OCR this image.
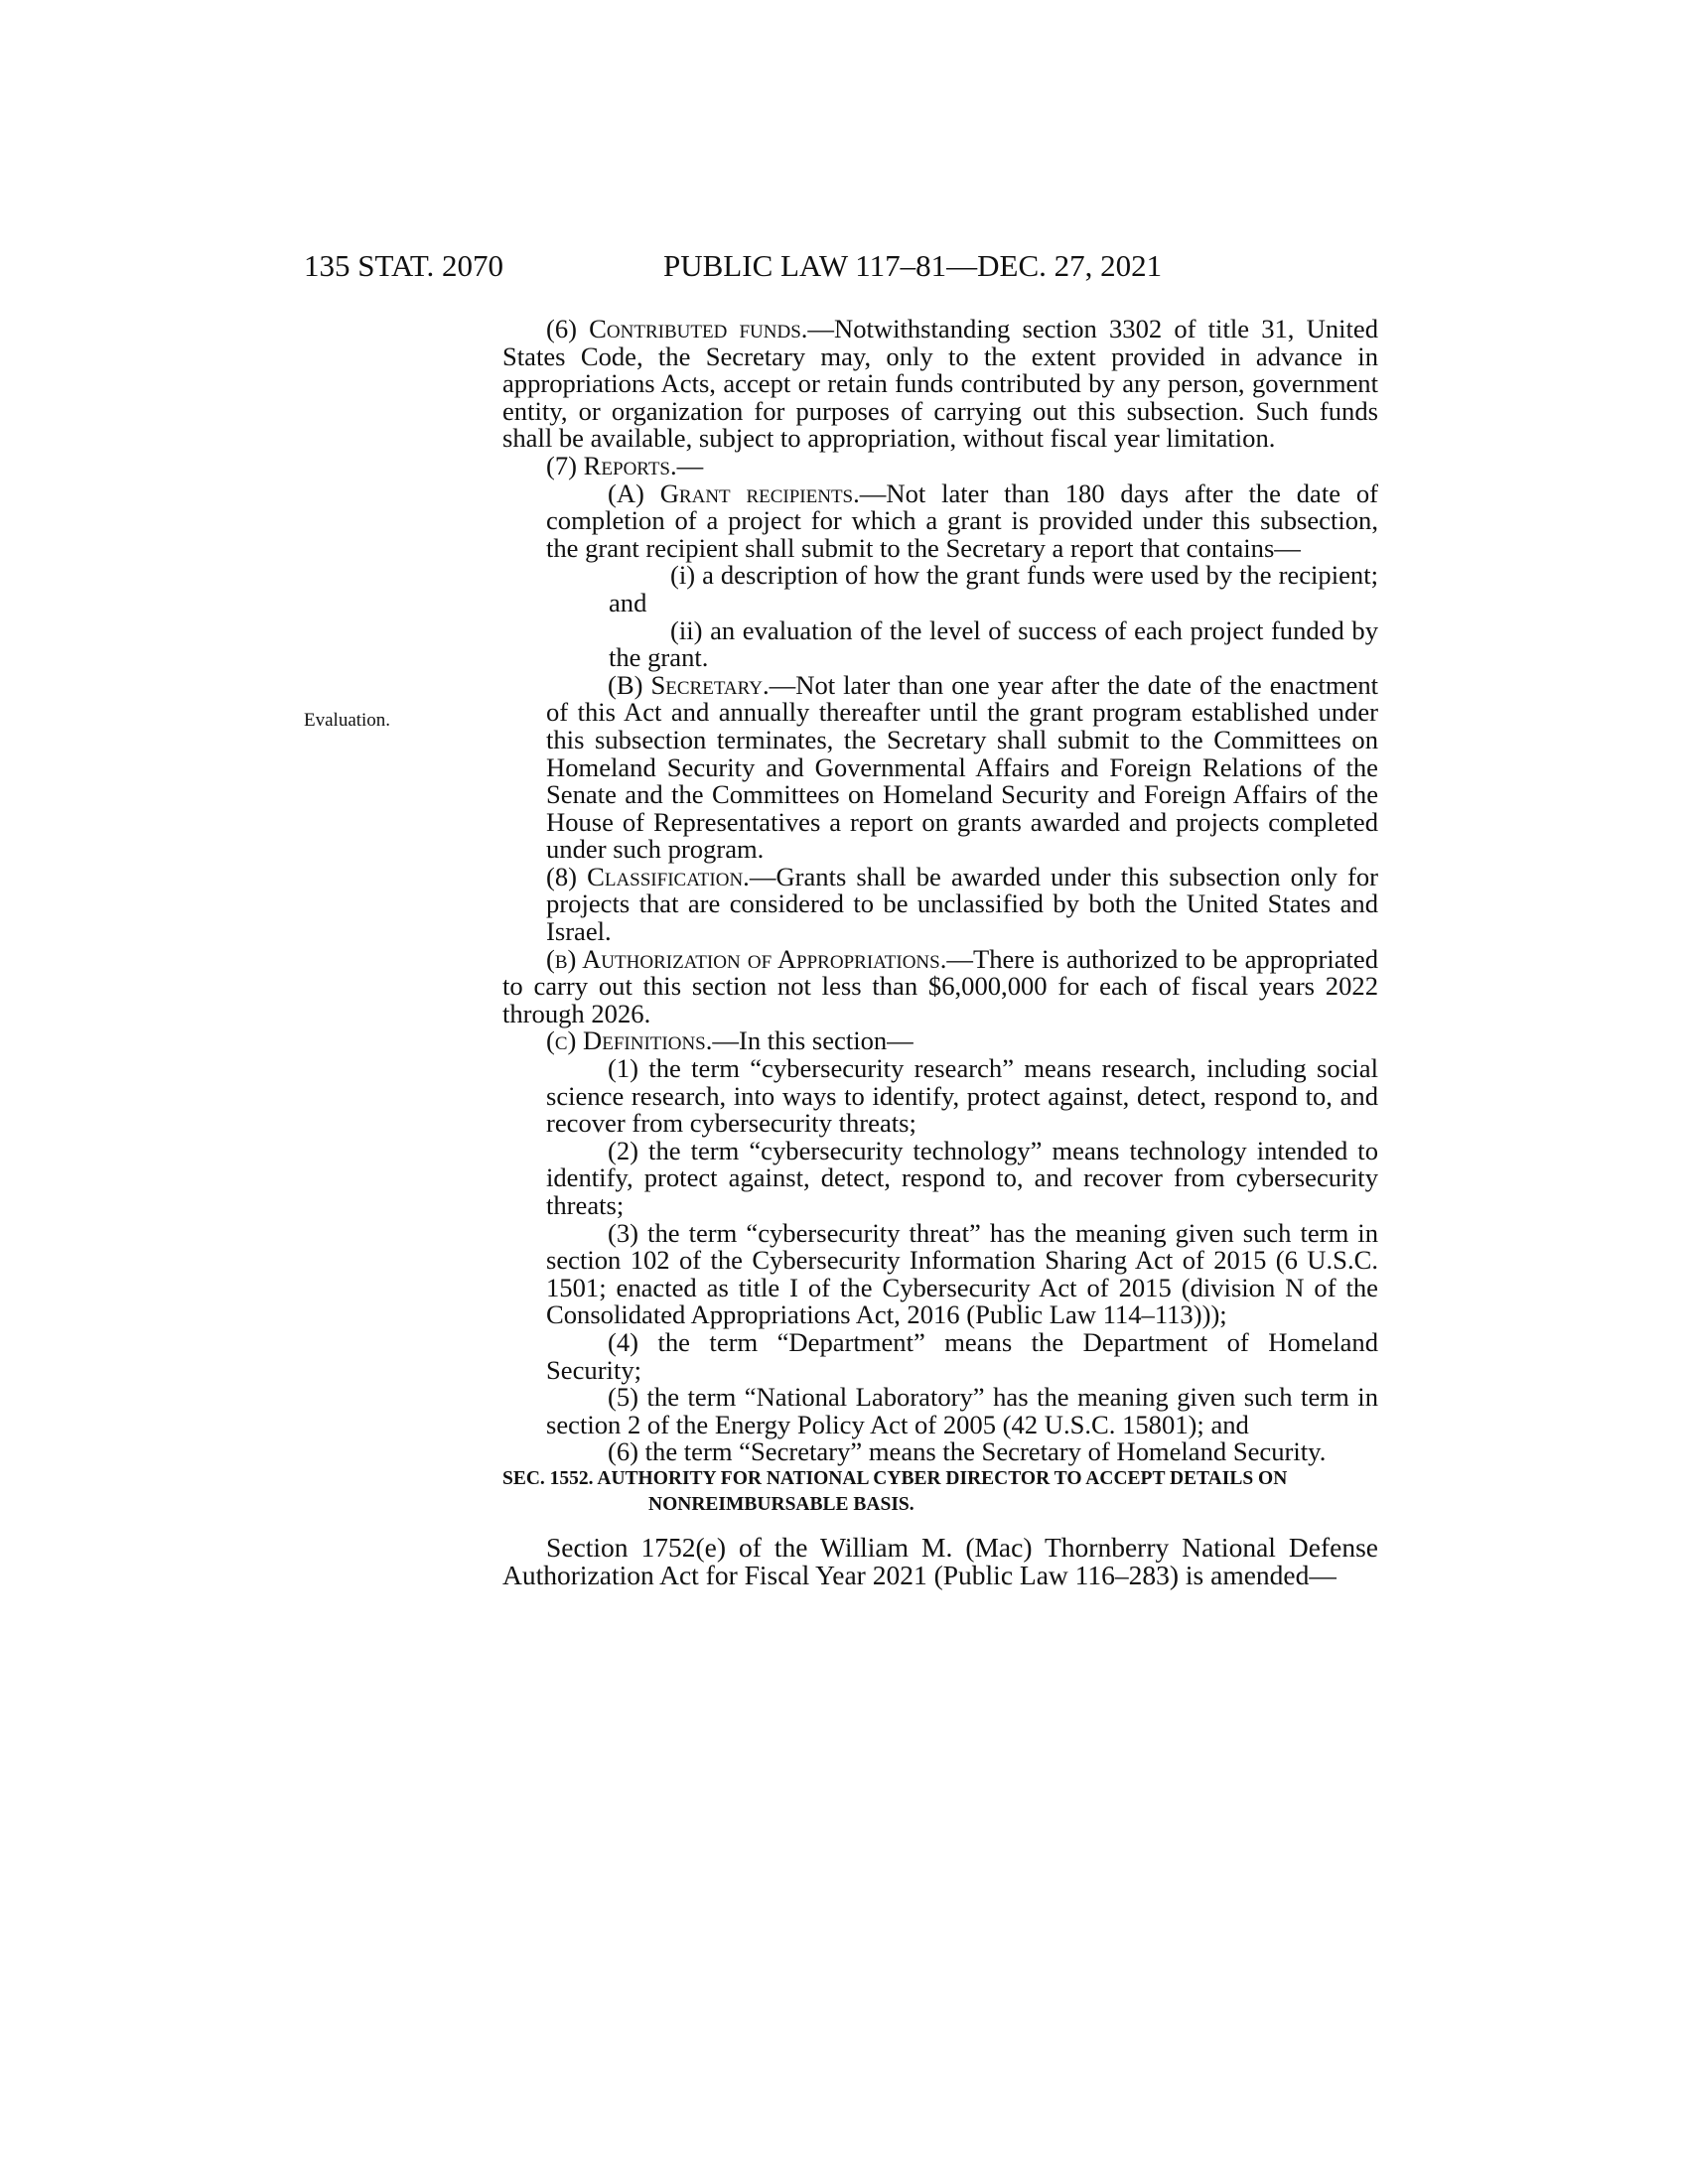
135 STAT. 2070	PUBLIC LAW 117–81—DEC. 27, 2021
Evaluation.

(6) Contributed funds.—Notwithstanding section 3302 of title 31, United States Code, the Secretary may, only to the extent provided in advance in appropriations Acts, accept or retain funds contributed by any person, government entity, or organization for purposes of carrying out this subsection. Such funds shall be available, subject to appropriation, without fiscal year limitation.

(7) Reports.—

(A) Grant recipients.—Not later than 180 days after the date of completion of a project for which a grant is provided under this subsection, the grant recipient shall submit to the Secretary a report that contains—

(i) a description of how the grant funds were used by the recipient; and

(ii) an evaluation of the level of success of each project funded by the grant.

(B) Secretary.—Not later than one year after the date of the enactment of this Act and annually thereafter until the grant program established under this subsection terminates, the Secretary shall submit to the Committees on Homeland Security and Governmental Affairs and Foreign Relations of the Senate and the Committees on Homeland Security and Foreign Affairs of the House of Representatives a report on grants awarded and projects completed under such program.

(8) Classification.—Grants shall be awarded under this subsection only for projects that are considered to be unclassified by both the United States and Israel.

(b) Authorization of Appropriations.—There is authorized to be appropriated to carry out this section not less than $6,000,000 for each of fiscal years 2022 through 2026.

(c) Definitions.—In this section—

(1) the term “cybersecurity research” means research, including social science research, into ways to identify, protect against, detect, respond to, and recover from cybersecurity threats;

(2) the term “cybersecurity technology” means technology intended to identify, protect against, detect, respond to, and recover from cybersecurity threats;

(3) the term “cybersecurity threat” has the meaning given such term in section 102 of the Cybersecurity Information Sharing Act of 2015 (6 U.S.C. 1501; enacted as title I of the Cybersecurity Act of 2015 (division N of the Consolidated Appropriations Act, 2016 (Public Law 114–113)));

(4) the term “Department” means the Department of Homeland Security;

(5) the term “National Laboratory” has the meaning given such term in section 2 of the Energy Policy Act of 2005 (42 U.S.C. 15801); and

(6) the term “Secretary” means the Secretary of Homeland Security.

SEC. 1552. AUTHORITY FOR NATIONAL CYBER DIRECTOR TO ACCEPT DETAILS ON NONREIMBURSABLE BASIS.

Section 1752(e) of the William M. (Mac) Thornberry National Defense Authorization Act for Fiscal Year 2021 (Public Law 116–283) is amended—
